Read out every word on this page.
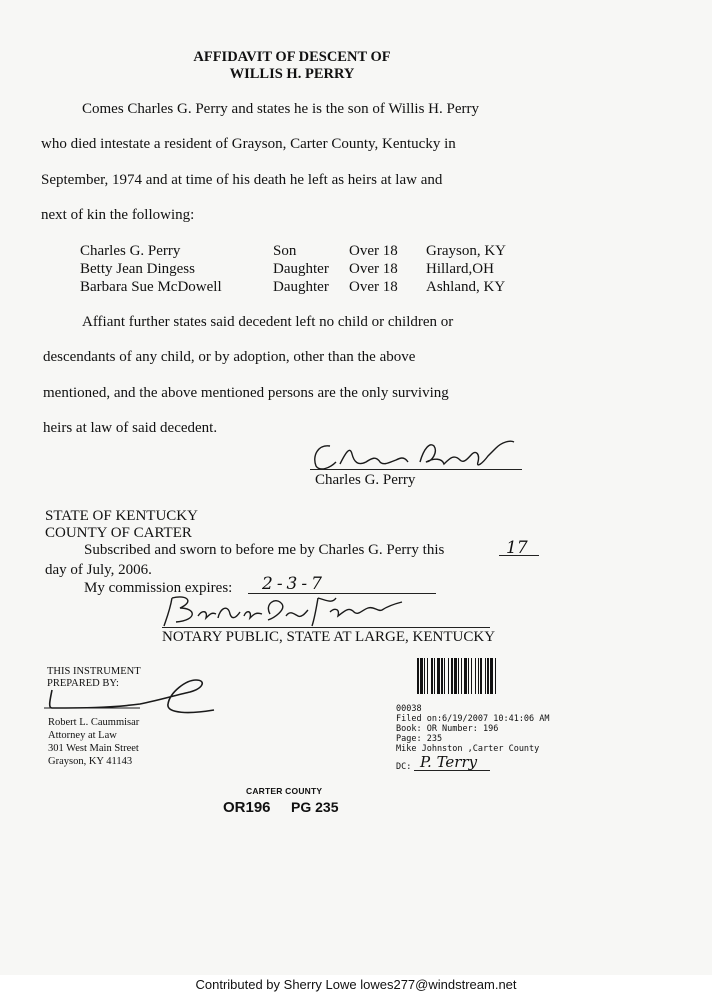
AFFIDAVIT OF DESCENT OF
WILLIS H. PERRY
Comes Charles G. Perry and states he is the son of Willis H. Perry
who died intestate a resident of Grayson, Carter County, Kentucky in
September, 1974 and at time of his death he left as heirs at law and
next of kin the following:
Charles G. Perry	Son	Over 18	Grayson, KY
Betty Jean Dingess	Daughter	Over 18	Hillard,OH
Barbara Sue McDowell	Daughter	Over 18	Ashland, KY
Affiant further states said decedent left no child or children or
descendants of any child, or by adoption, other than the above
mentioned, and the above mentioned persons are the only surviving
heirs at law of said decedent.
Charles G. Perry
STATE OF KENTUCKY
COUNTY OF CARTER
Subscribed and sworn to before me by Charles G. Perry this	17
day of July, 2006.
My commission expires: 2-3-7
NOTARY PUBLIC, STATE AT LARGE, KENTUCKY
THIS INSTRUMENT
PREPARED BY:
Robert L. Caummisar
Attorney at Law
301 West Main Street
Grayson, KY 41143
00038
Filed on:6/19/2007 10:41:06 AM
Book: OR Number: 196
Page: 235
Mike Johnston ,Carter County
DC: P. Terry
CARTER COUNTY
OR196 PG 235
Contributed by Sherry Lowe lowes277@windstream.net
